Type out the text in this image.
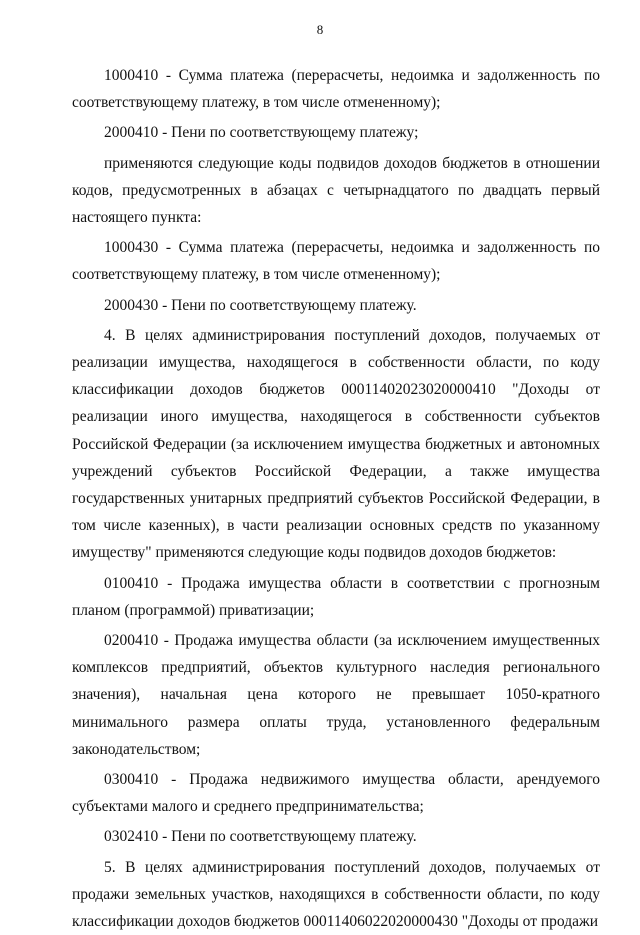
8

1000410 - Сумма платежа (перерасчеты, недоимка и задолженность по соответствующему платежу, в том числе отмененному);

2000410 - Пени по соответствующему платежу;

применяются следующие коды подвидов доходов бюджетов в отношении кодов, предусмотренных в абзацах с четырнадцатого по двадцать первый настоящего пункта:

1000430 - Сумма платежа (перерасчеты, недоимка и задолженность по соответствующему платежу, в том числе отмененному);

2000430 - Пени по соответствующему платежу.

4. В целях администрирования поступлений доходов, получаемых от реализации имущества, находящегося в собственности области, по коду классификации доходов бюджетов 00011402023020000410 "Доходы от реализации иного имущества, находящегося в собственности субъектов Российской Федерации (за исключением имущества бюджетных и автономных учреждений субъектов Российской Федерации, а также имущества государственных унитарных предприятий субъектов Российской Федерации, в том числе казенных), в части реализации основных средств по указанному имуществу" применяются следующие коды подвидов доходов бюджетов:

0100410 - Продажа имущества области в соответствии с прогнозным планом (программой) приватизации;

0200410 - Продажа имущества области (за исключением имущественных комплексов предприятий, объектов культурного наследия регионального значения), начальная цена которого не превышает 1050-кратного минимального размера оплаты труда, установленного федеральным законодательством;

0300410 - Продажа недвижимого имущества области, арендуемого субъектами малого и среднего предпринимательства;

0302410 - Пени по соответствующему платежу.

5. В целях администрирования поступлений доходов, получаемых от продажи земельных участков, находящихся в собственности области, по коду классификации доходов бюджетов 00011406022020000430 "Доходы от продажи
